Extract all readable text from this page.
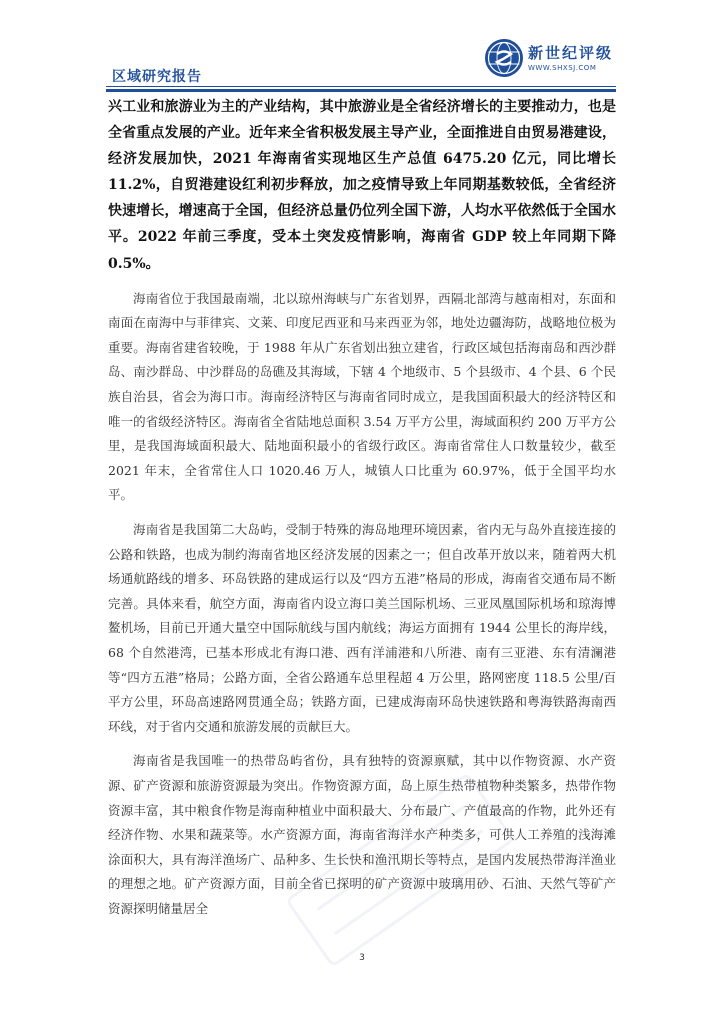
区域研究报告
新世纪评级
WWW.SHXSJ.COM

兴工业和旅游业为主的产业结构，其中旅游业是全省经济增长的主要推动力，也是全省重点发展的产业。近年来全省积极发展主导产业，全面推进自由贸易港建设，经济发展加快，2021 年海南省实现地区生产总值 6475.20 亿元，同比增长 11.2%，自贸港建设红利初步释放，加之疫情导致上年同期基数较低，全省经济快速增长，增速高于全国，但经济总量仍位列全国下游，人均水平依然低于全国水平。2022 年前三季度，受本土突发疫情影响，海南省 GDP 较上年同期下降 0.5%。

海南省位于我国最南端，北以琼州海峡与广东省划界，西隔北部湾与越南相对，东面和南面在南海中与菲律宾、文莱、印度尼西亚和马来西亚为邻，地处边疆海防，战略地位极为重要。海南省建省较晚，于 1988 年从广东省划出独立建省，行政区域包括海南岛和西沙群岛、南沙群岛、中沙群岛的岛礁及其海域，下辖 4 个地级市、5 个县级市、4 个县、6 个民族自治县，省会为海口市。海南经济特区与海南省同时成立，是我国面积最大的经济特区和唯一的省级经济特区。海南省全省陆地总面积 3.54 万平方公里，海域面积约 200 万平方公里，是我国海域面积最大、陆地面积最小的省级行政区。海南省常住人口数量较少，截至 2021 年末，全省常住人口 1020.46 万人，城镇人口比重为 60.97%，低于全国平均水平。

海南省是我国第二大岛屿，受制于特殊的海岛地理环境因素，省内无与岛外直接连接的公路和铁路，也成为制约海南省地区经济发展的因素之一；但自改革开放以来，随着两大机场通航路线的增多、环岛铁路的建成运行以及“四方五港”格局的形成，海南省交通布局不断完善。具体来看，航空方面，海南省内设立海口美兰国际机场、三亚凤凰国际机场和琼海博鳌机场，目前已开通大量空中国际航线与国内航线；海运方面拥有 1944 公里长的海岸线，68 个自然港湾，已基本形成北有海口港、西有洋浦港和八所港、南有三亚港、东有清澜港等“四方五港”格局；公路方面，全省公路通车总里程超 4 万公里，路网密度 118.5 公里/百平方公里，环岛高速路网贯通全岛；铁路方面，已建成海南环岛快速铁路和粤海铁路海南西环线，对于省内交通和旅游发展的贡献巨大。

海南省是我国唯一的热带岛屿省份，具有独特的资源禀赋，其中以作物资源、水产资源、矿产资源和旅游资源最为突出。作物资源方面，岛上原生热带植物种类繁多，热带作物资源丰富，其中粮食作物是海南种植业中面积最大、分布最广、产值最高的作物，此外还有经济作物、水果和蔬菜等。水产资源方面，海南省海洋水产种类多，可供人工养殖的浅海滩涂面积大，具有海洋渔场广、品种多、生长快和渔汛期长等特点，是国内发展热带海洋渔业的理想之地。矿产资源方面，目前全省已探明的矿产资源中玻璃用砂、石油、天然气等矿产资源探明储量居全

3
